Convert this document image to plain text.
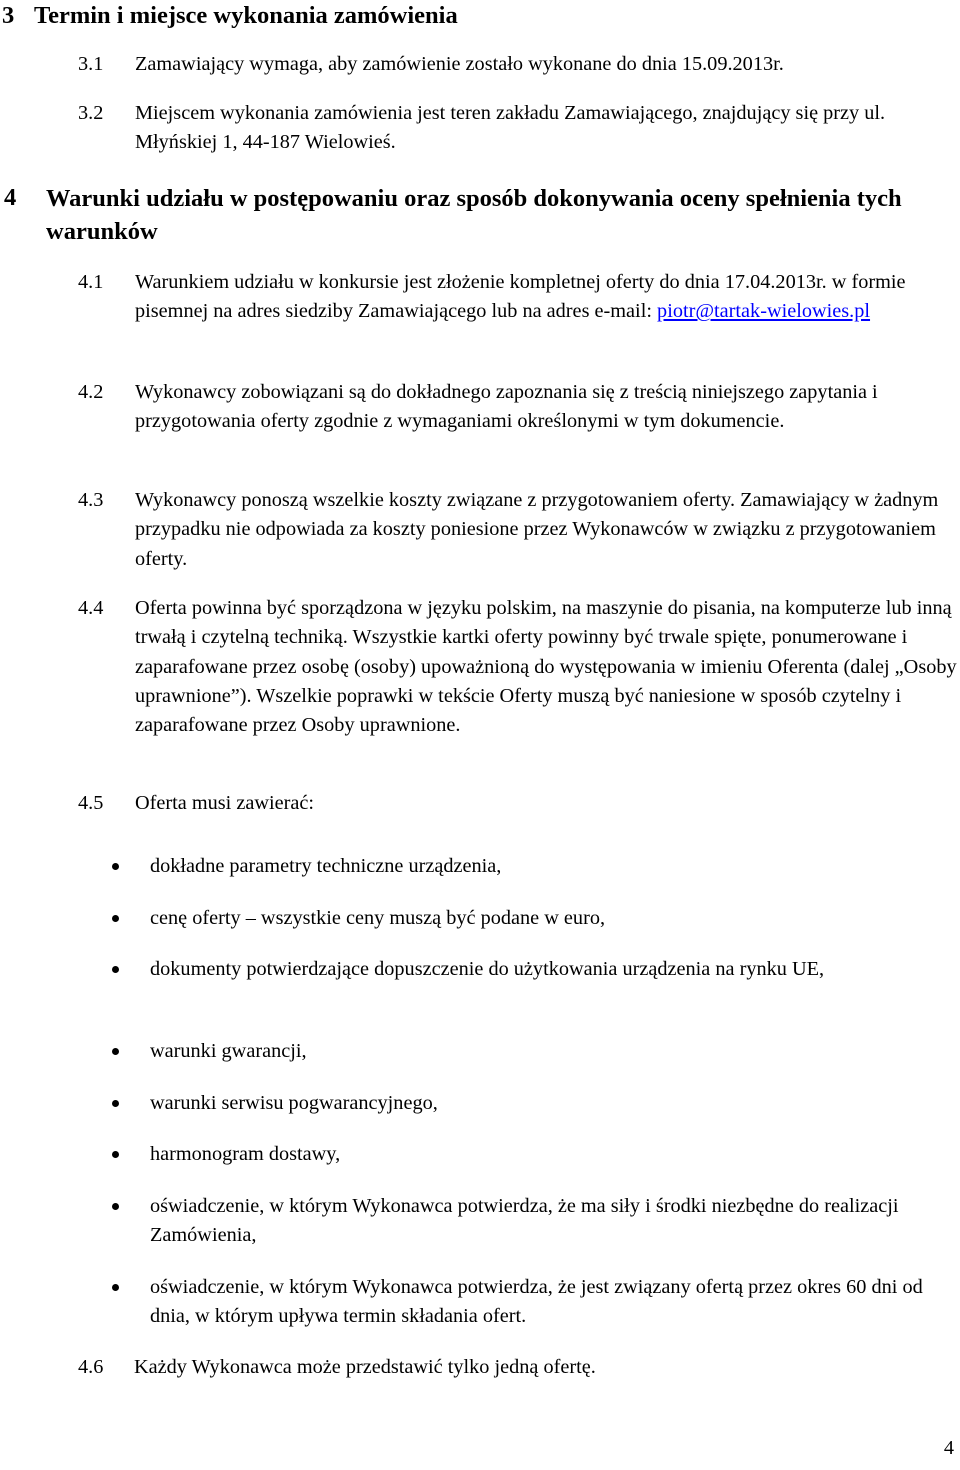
3 Termin i miejsce wykonania zamówienia
3.1 Zamawiający wymaga, aby zamówienie zostało wykonane do dnia 15.09.2013r.
3.2 Miejscem wykonania zamówienia jest teren zakładu Zamawiającego, znajdujący się przy ul. Młyńskiej 1, 44-187 Wielowieś.
4 Warunki udziału w postępowaniu oraz sposób dokonywania oceny spełnienia tych warunków
4.1 Warunkiem udziału w konkursie jest złożenie kompletnej oferty do dnia 17.04.2013r. w formie pisemnej na adres siedziby Zamawiającego lub na adres e-mail: piotr@tartak-wielowies.pl
4.2 Wykonawcy zobowiązani są do dokładnego zapoznania się z treścią niniejszego zapytania i przygotowania oferty zgodnie z wymaganiami określonymi w tym dokumencie.
4.3 Wykonawcy ponoszą wszelkie koszty związane z przygotowaniem oferty. Zamawiający w żadnym przypadku nie odpowiada za koszty poniesione przez Wykonawców w związku z przygotowaniem oferty.
4.4 Oferta powinna być sporządzona w języku polskim, na maszynie do pisania, na komputerze lub inną trwałą i czytelną techniką. Wszystkie kartki oferty powinny być trwale spięte, ponumerowane i zaparafowane przez osobę (osoby) upoważnioną do występowania w imieniu Oferenta (dalej „Osoby uprawnione”). Wszelkie poprawki w tekście Oferty muszą być naniesione w sposób czytelny i zaparafowane przez Osoby uprawnione.
4.5 Oferta musi zawierać:
dokładne parametry techniczne urządzenia,
cenę oferty – wszystkie ceny muszą być podane w euro,
dokumenty potwierdzające dopuszczenie do użytkowania urządzenia na rynku UE,
warunki gwarancji,
warunki serwisu pogwarancyjnego,
harmonogram dostawy,
oświadczenie, w którym Wykonawca potwierdza, że ma siły i środki niezbędne do realizacji Zamówienia,
oświadczenie, w którym Wykonawca potwierdza, że jest związany ofertą przez okres 60 dni od dnia, w którym upływa termin składania ofert.
4.6 Każdy Wykonawca może przedstawić tylko jedną ofertę.
4
